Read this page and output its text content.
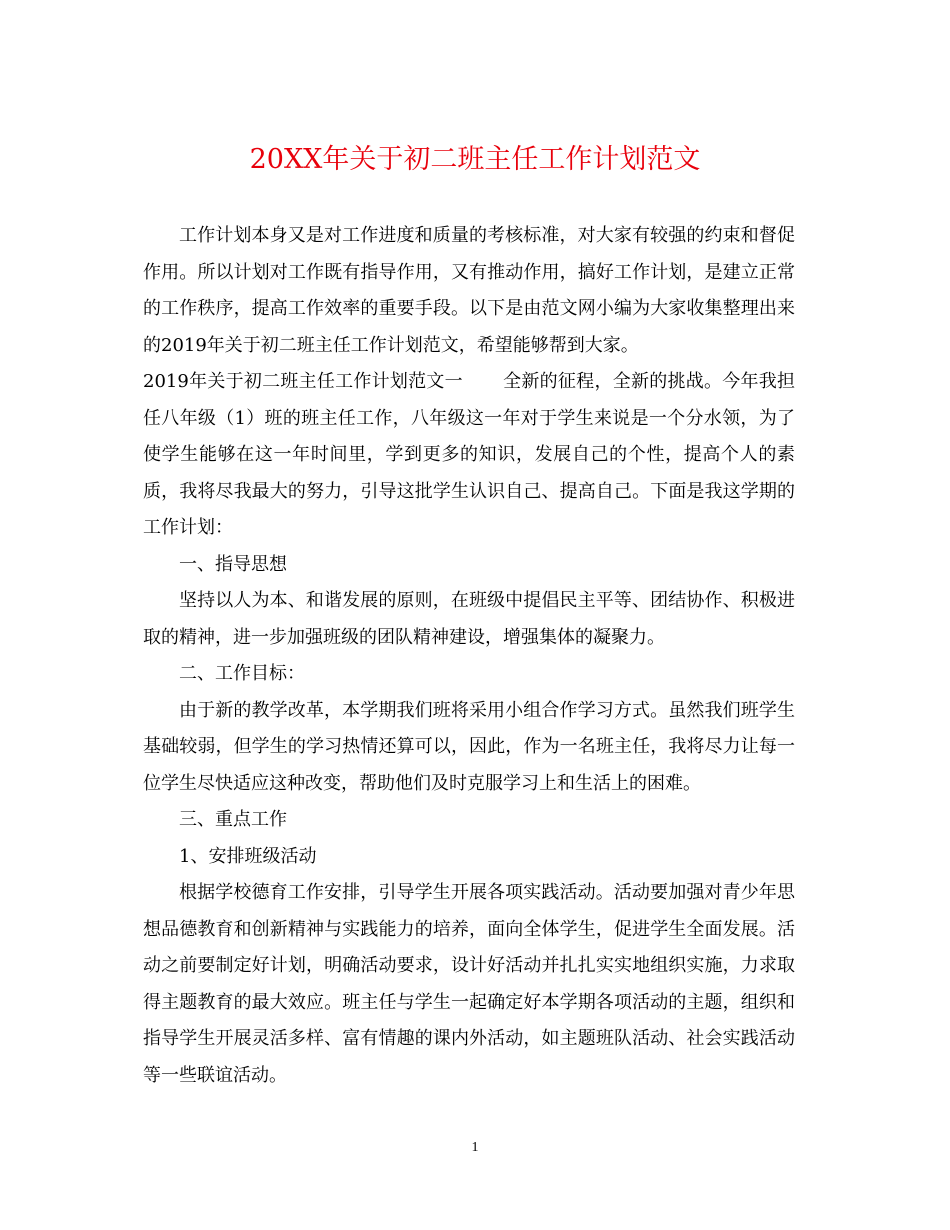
20XX年关于初二班主任工作计划范文

工作计划本身又是对工作进度和质量的考核标准，对大家有较强的约束和督促作用。所以计划对工作既有指导作用，又有推动作用，搞好工作计划，是建立正常的工作秩序，提高工作效率的重要手段。以下是由范文网小编为大家收集整理出来的2019年关于初二班主任工作计划范文，希望能够帮到大家。

2019年关于初二班主任工作计划范文一 全新的征程，全新的挑战。今年我担任八年级（1）班的班主任工作，八年级这一年对于学生来说是一个分水领，为了使学生能够在这一年时间里，学到更多的知识，发展自己的个性，提高个人的素质，我将尽我最大的努力，引导这批学生认识自己、提高自己。下面是我这学期的工作计划：

一、指导思想

坚持以人为本、和谐发展的原则，在班级中提倡民主平等、团结协作、积极进取的精神，进一步加强班级的团队精神建设，增强集体的凝聚力。

二、工作目标：

由于新的教学改革，本学期我们班将采用小组合作学习方式。虽然我们班学生基础较弱，但学生的学习热情还算可以，因此，作为一名班主任，我将尽力让每一位学生尽快适应这种改变，帮助他们及时克服学习上和生活上的困难。

三、重点工作

1、安排班级活动

根据学校德育工作安排，引导学生开展各项实践活动。活动要加强对青少年思想品德教育和创新精神与实践能力的培养，面向全体学生，促进学生全面发展。活动之前要制定好计划，明确活动要求，设计好活动并扎扎实实地组织实施，力求取得主题教育的最大效应。班主任与学生一起确定好本学期各项活动的主题，组织和指导学生开展灵活多样、富有情趣的课内外活动，如主题班队活动、社会实践活动等一些联谊活动。

1
